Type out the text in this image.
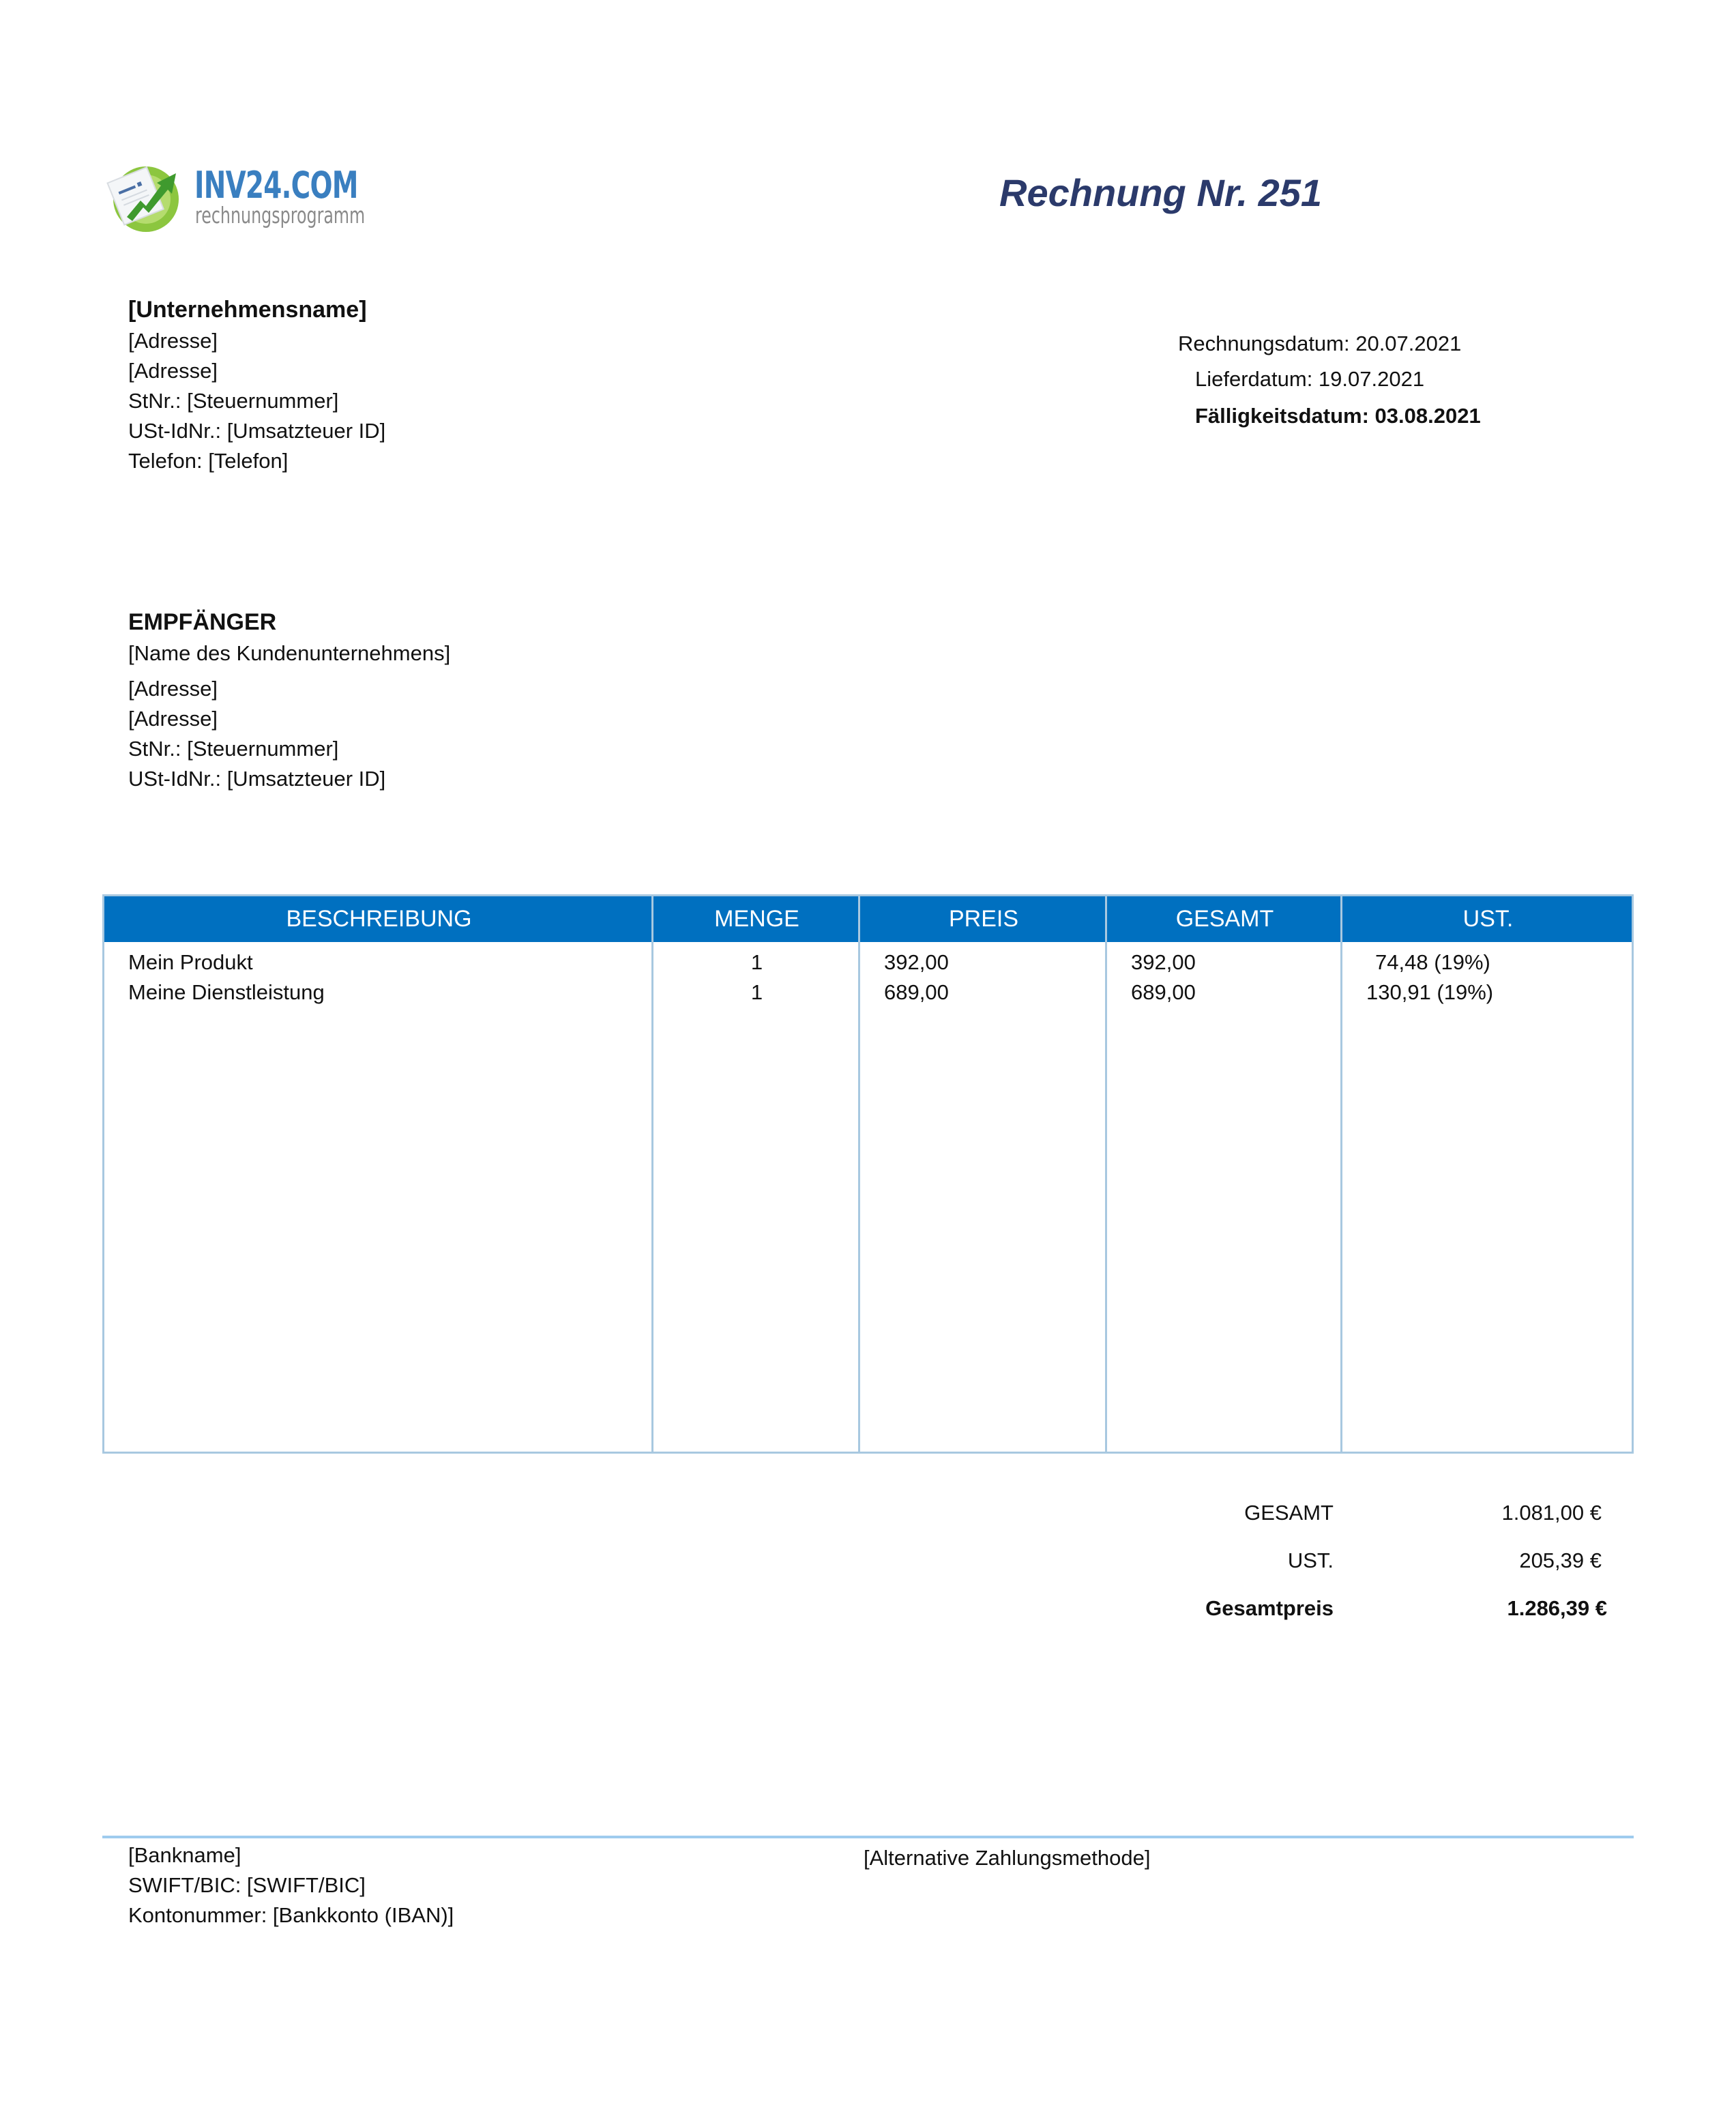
INV24.COM
rechnungsprogramm
Rechnung Nr. 251
[Unternehmensname]
[Adresse]
[Adresse]
StNr.: [Steuernummer]
USt-IdNr.: [Umsatzteuer ID]
Telefon: [Telefon]
Rechnungsdatum: 20.07.2021
Lieferdatum: 19.07.2021
Fälligkeitsdatum: 03.08.2021
EMPFÄNGER
[Name des Kundenunternehmens]
[Adresse]
[Adresse]
StNr.: [Steuernummer]
USt-IdNr.: [Umsatzteuer ID]
BESCHREIBUNG	MENGE	PREIS	GESAMT	UST.
Mein Produkt	1	392,00	392,00	74,48 (19%)
Meine Dienstleistung	1	689,00	689,00	130,91 (19%)
GESAMT	1.081,00 €
UST.	205,39 €
Gesamtpreis	1.286,39 €
[Bankname]
SWIFT/BIC: [SWIFT/BIC]
Kontonummer: [Bankkonto (IBAN)]
[Alternative Zahlungsmethode]
